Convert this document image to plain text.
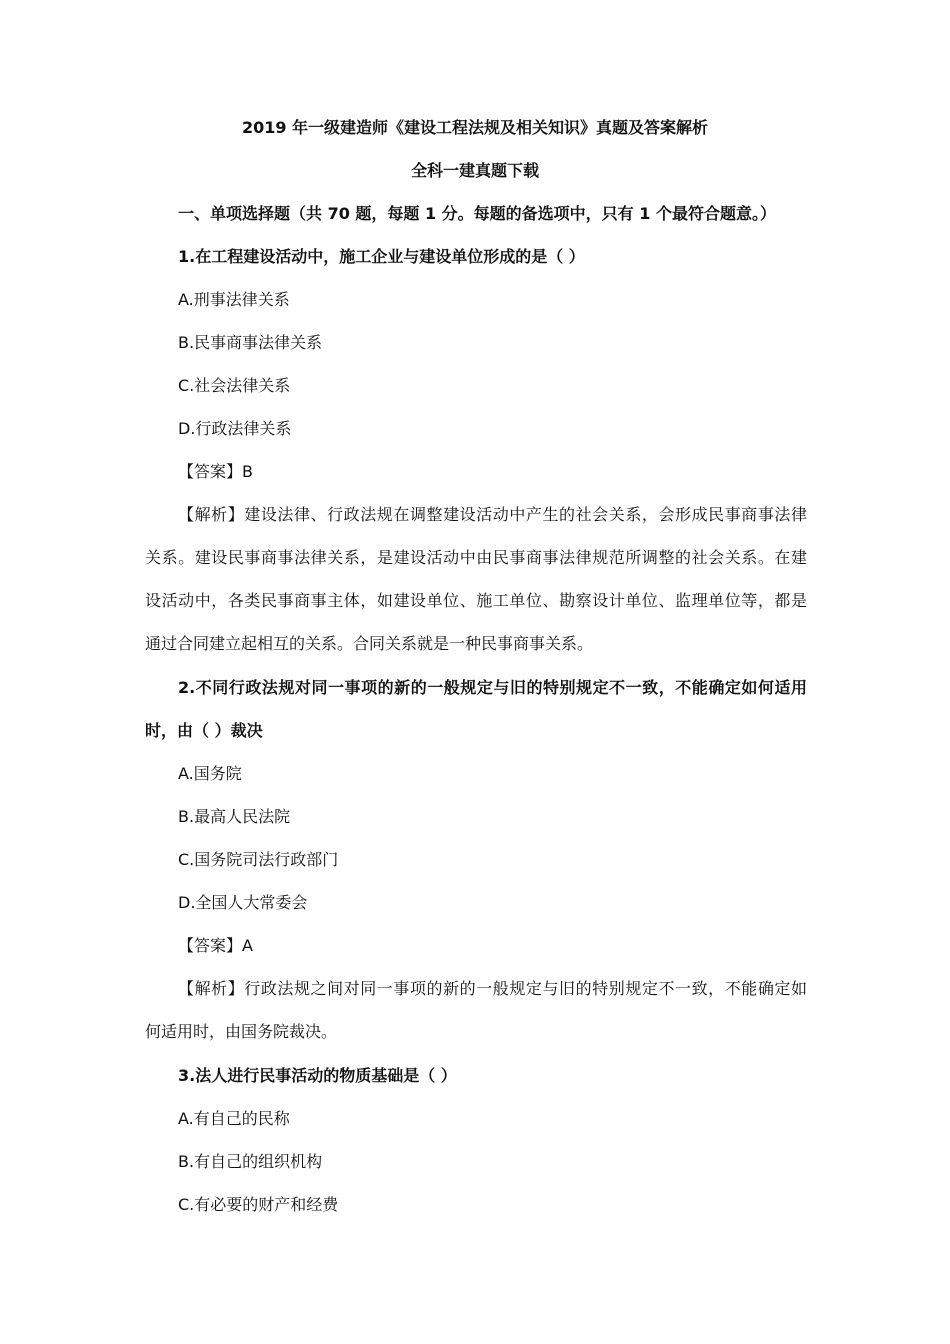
2019 年一级建造师《建设工程法规及相关知识》真题及答案解析
全科一建真题下载
一、单项选择题（共 70 题，每题 1 分。每题的备选项中，只有 1 个最符合题意。）
1.在工程建设活动中，施工企业与建设单位形成的是（ ）
A.刑事法律关系
B.民事商事法律关系
C.社会法律关系
D.行政法律关系
【答案】B
【解析】建设法律、行政法规在调整建设活动中产生的社会关系，会形成民事商事法律
关系。建设民事商事法律关系，是建设活动中由民事商事法律规范所调整的社会关系。在建
设活动中，各类民事商事主体，如建设单位、施工单位、勘察设计单位、监理单位等，都是
通过合同建立起相互的关系。合同关系就是一种民事商事关系。
2.不同行政法规对同一事项的新的一般规定与旧的特别规定不一致，不能确定如何适用
时，由（ ）裁决
A.国务院
B.最高人民法院
C.国务院司法行政部门
D.全国人大常委会
【答案】A
【解析】行政法规之间对同一事项的新的一般规定与旧的特别规定不一致，不能确定如
何适用时，由国务院裁决。
3.法人进行民事活动的物质基础是（ ）
A.有自己的民称
B.有自己的组织机构
C.有必要的财产和经费
